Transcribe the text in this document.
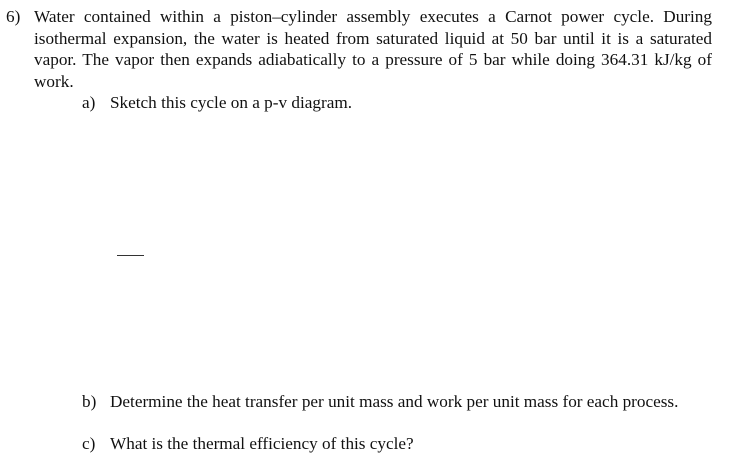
6) Water contained within a piston–cylinder assembly executes a Carnot power cycle. During isothermal expansion, the water is heated from saturated liquid at 50 bar until it is a saturated vapor. The vapor then expands adiabatically to a pressure of 5 bar while doing 364.31 kJ/kg of work.
a) Sketch this cycle on a p-v diagram.
b) Determine the heat transfer per unit mass and work per unit mass for each process.
c) What is the thermal efficiency of this cycle?
